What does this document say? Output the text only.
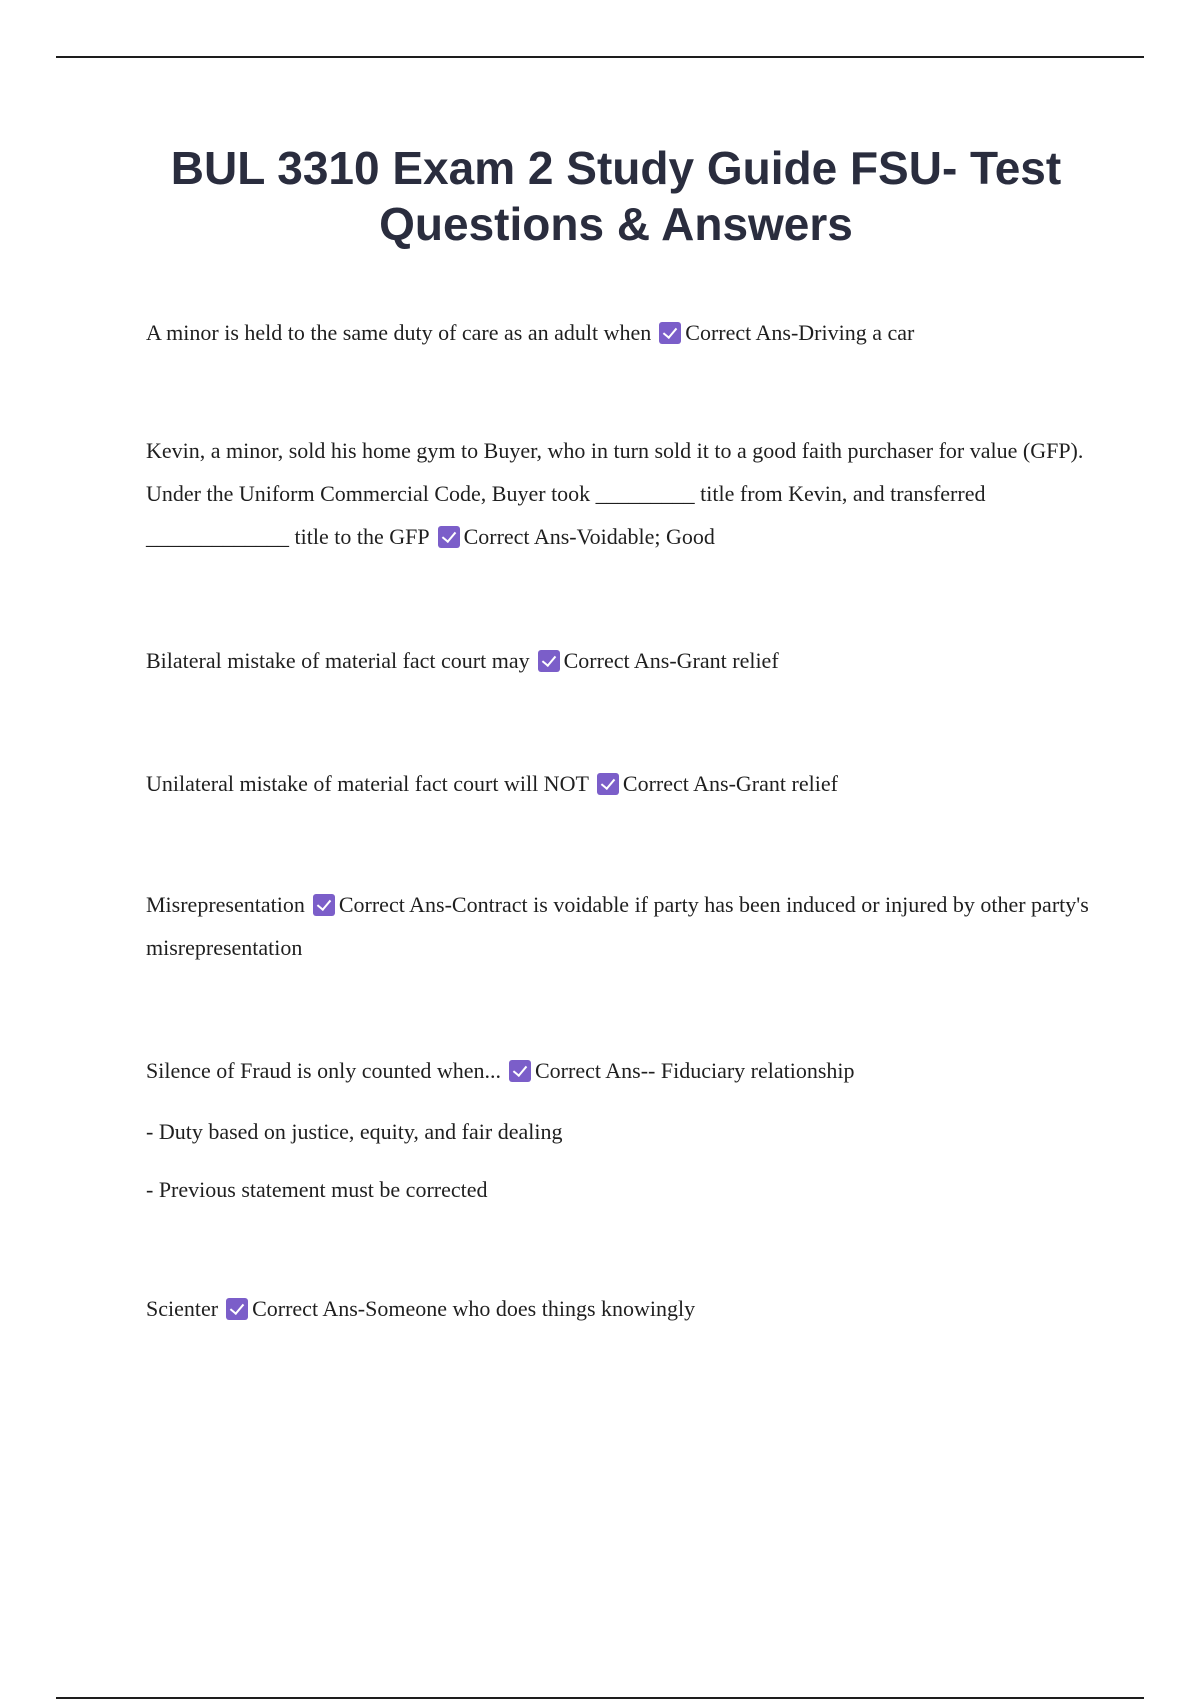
BUL 3310 Exam 2 Study Guide FSU- Test Questions & Answers

A minor is held to the same duty of care as an adult when Correct Ans-Driving a car

Kevin, a minor, sold his home gym to Buyer, who in turn sold it to a good faith purchaser for value (GFP). Under the Uniform Commercial Code, Buyer took _________ title from Kevin, and transferred _____________ title to the GFP Correct Ans-Voidable; Good

Bilateral mistake of material fact court may Correct Ans-Grant relief

Unilateral mistake of material fact court will NOT Correct Ans-Grant relief

Misrepresentation Correct Ans-Contract is voidable if party has been induced or injured by other party's misrepresentation

Silence of Fraud is only counted when... Correct Ans-- Fiduciary relationship

- Duty based on justice, equity, and fair dealing

- Previous statement must be corrected

Scienter Correct Ans-Someone who does things knowingly
